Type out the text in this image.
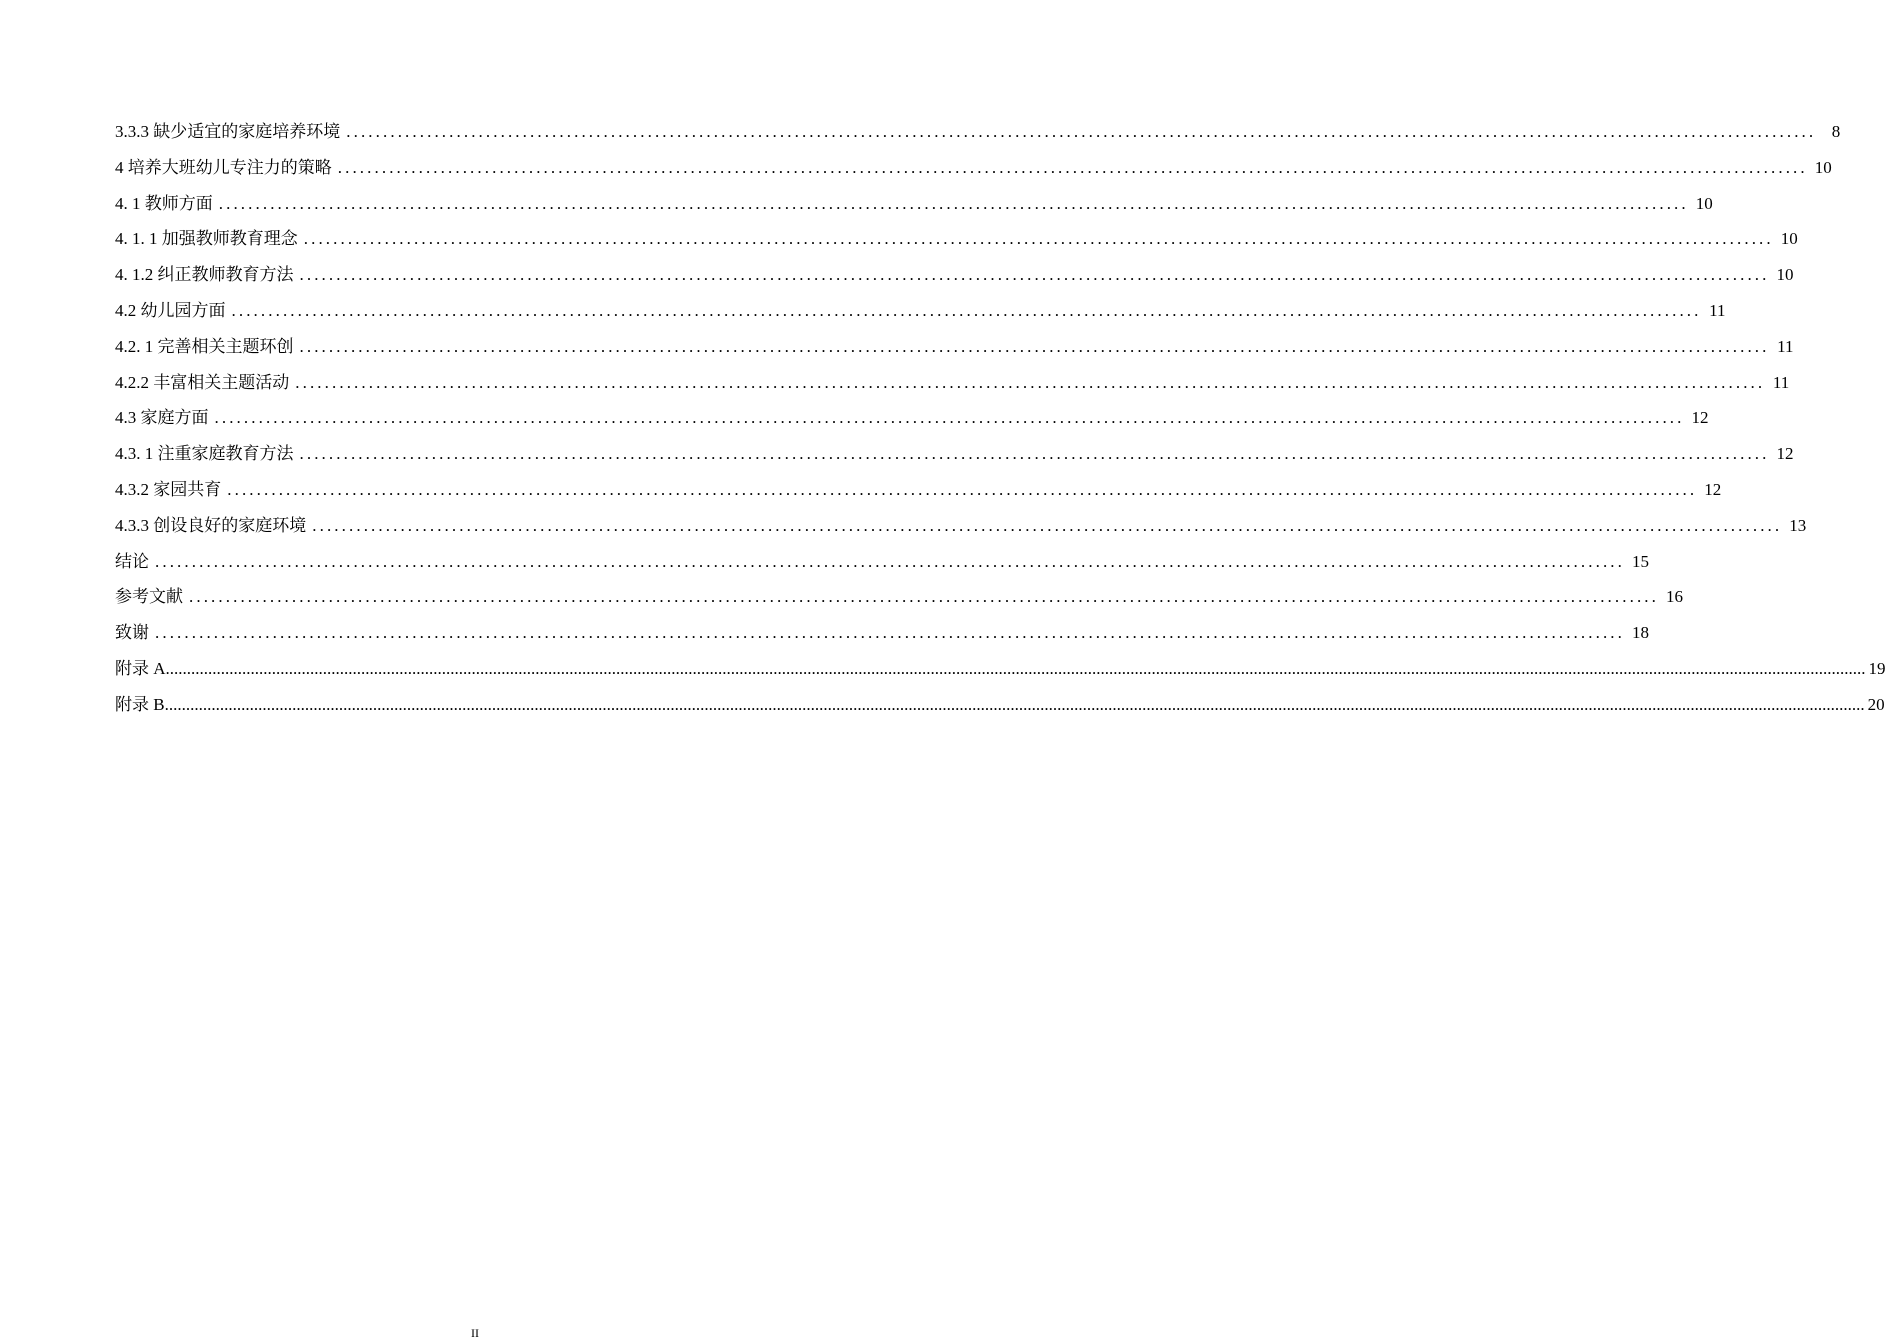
3.3.3 缺少适宜的家庭培养环境 ........................................................................................................................................................................................................ 8
4 培养大班幼儿专注力的策略 ........................................................................................................................................................................................................ 10
4. 1 教师方面 ........................................................................................................................................................................................................ 10
4. 1. 1 加强教师教育理念 ........................................................................................................................................................................................................ 10
4. 1.2 纠正教师教育方法 ........................................................................................................................................................................................................ 10
4.2 幼儿园方面 ........................................................................................................................................................................................................ 11
4.2. 1 完善相关主题环创 ........................................................................................................................................................................................................ 11
4.2.2 丰富相关主题活动 ........................................................................................................................................................................................................ 11
4.3 家庭方面 ........................................................................................................................................................................................................ 12
4.3. 1 注重家庭教育方法 ........................................................................................................................................................................................................ 12
4.3.2 家园共育 ........................................................................................................................................................................................................ 12
4.3.3 创设良好的家庭环境 ........................................................................................................................................................................................................ 13
结论 ........................................................................................................................................................................................................ 15
参考文献 ........................................................................................................................................................................................................ 16
致谢 ........................................................................................................................................................................................................ 18
附录 A ................................................................................................................................................................................................................................................................................................................................................................................................................ 19
附录 B ................................................................................................................................................................................................................................................................................................................................................................................................................ 20
II
